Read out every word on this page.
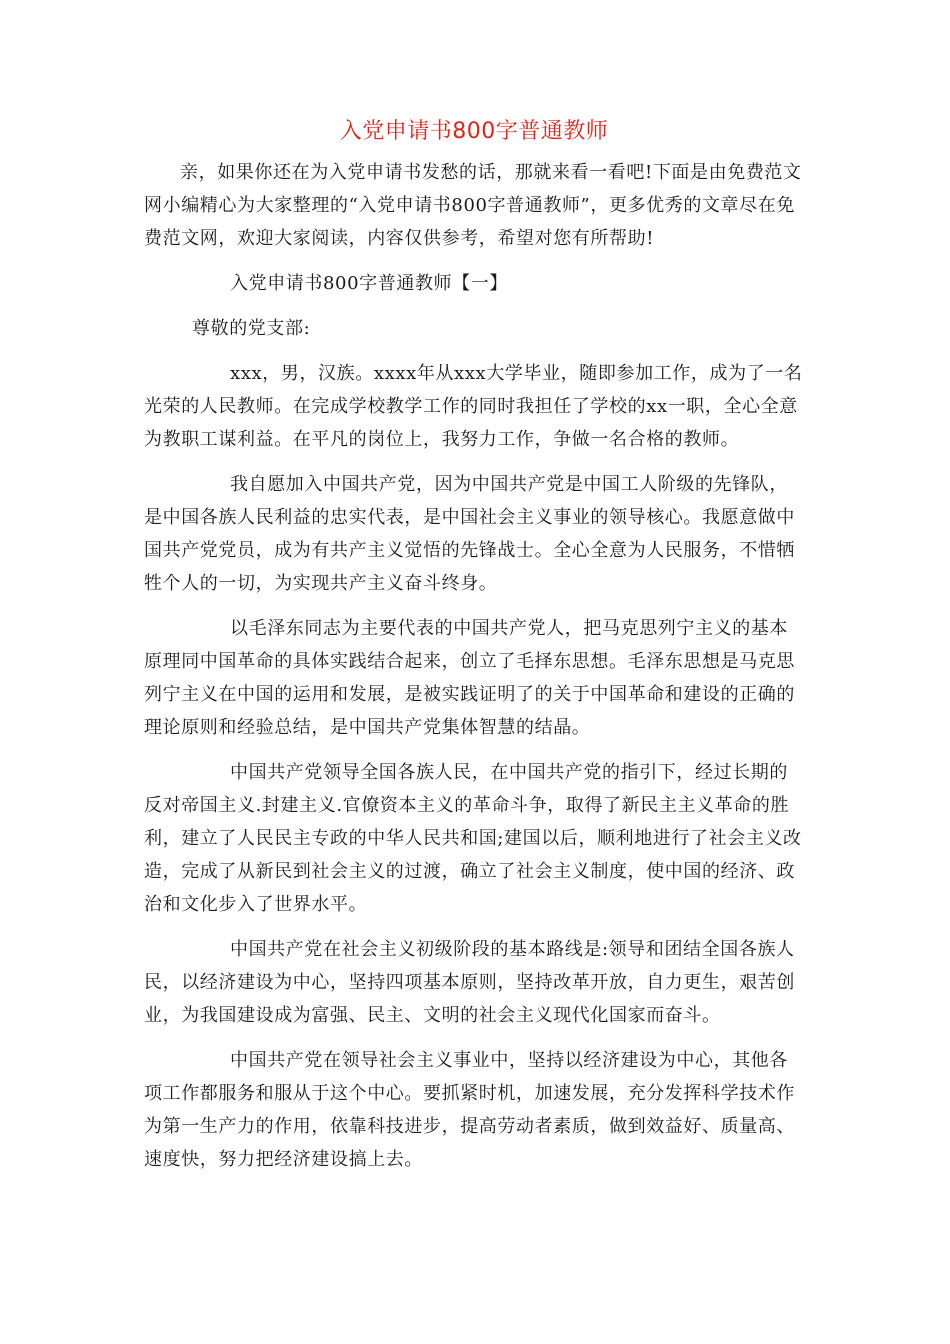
入党申请书800字普通教师

亲，如果你还在为入党申请书发愁的话，那就来看一看吧!下面是由免费范文网小编精心为大家整理的“入党申请书800字普通教师”，更多优秀的文章尽在免费范文网，欢迎大家阅读，内容仅供参考，希望对您有所帮助!

入党申请书800字普通教师【一】

尊敬的党支部:

xxx，男，汉族。xxxx年从xxx大学毕业，随即参加工作，成为了一名光荣的人民教师。在完成学校教学工作的同时我担任了学校的xx一职，全心全意为教职工谋利益。在平凡的岗位上，我努力工作，争做一名合格的教师。

我自愿加入中国共产党，因为中国共产党是中国工人阶级的先锋队，是中国各族人民利益的忠实代表，是中国社会主义事业的领导核心。我愿意做中国共产党党员，成为有共产主义觉悟的先锋战士。全心全意为人民服务，不惜牺牲个人的一切，为实现共产主义奋斗终身。

以毛泽东同志为主要代表的中国共产党人，把马克思列宁主义的基本原理同中国革命的具体实践结合起来，创立了毛择东思想。毛泽东思想是马克思列宁主义在中国的运用和发展，是被实践证明了的关于中国革命和建设的正确的理论原则和经验总结，是中国共产党集体智慧的结晶。

中国共产党领导全国各族人民，在中国共产党的指引下，经过长期的反对帝国主义.封建主义.官僚资本主义的革命斗争，取得了新民主主义革命的胜利，建立了人民民主专政的中华人民共和国;建国以后，顺利地进行了社会主义改造，完成了从新民到社会主义的过渡，确立了社会主义制度，使中国的经济、政治和文化步入了世界水平。

中国共产党在社会主义初级阶段的基本路线是:领导和团结全国各族人民，以经济建设为中心，坚持四项基本原则，坚持改革开放，自力更生，艰苦创业，为我国建设成为富强、民主、文明的社会主义现代化国家而奋斗。

中国共产党在领导社会主义事业中，坚持以经济建设为中心，其他各项工作都服务和服从于这个中心。要抓紧时机，加速发展，充分发挥科学技术作为第一生产力的作用，依靠科技进步，提高劳动者素质，做到效益好、质量高、速度快，努力把经济建设搞上去。
